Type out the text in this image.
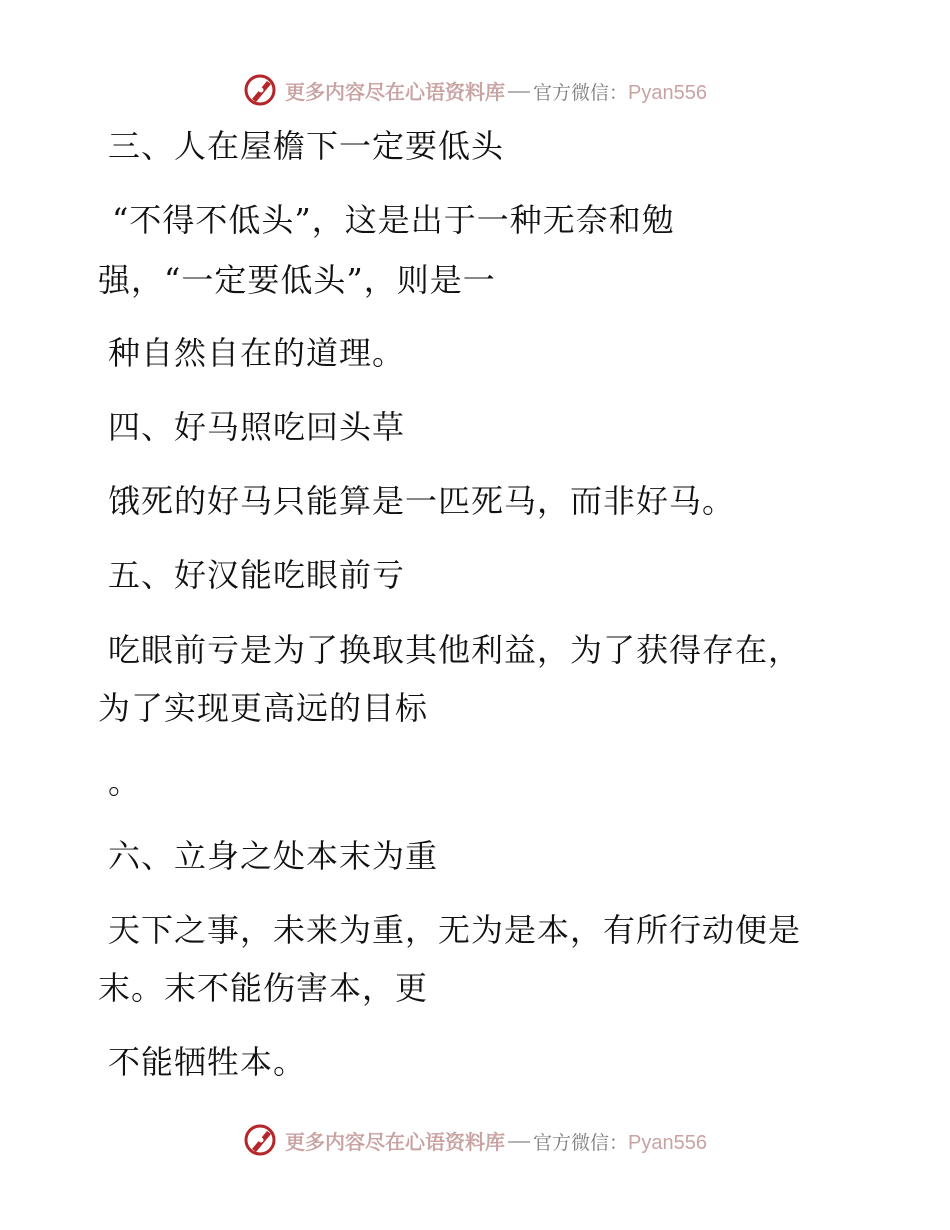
更多内容尽在心语资料库 官方微信： Pyan556
三、人在屋檐下一定要低头
“不得不低头”，这是出于一种无奈和勉
强，“一定要低头”，则是一
种自然自在的道理。
四、好马照吃回头草
饿死的好马只能算是一匹死马，而非好马。
五、好汉能吃眼前亏
吃眼前亏是为了换取其他利益，为了获得存在，
为了实现更高远的目标
。
六、立身之处本末为重
天下之事，未来为重，无为是本，有所行动便是
末。末不能伤害本，更
不能牺牲本。
更多内容尽在心语资料库 官方微信： Pyan556
